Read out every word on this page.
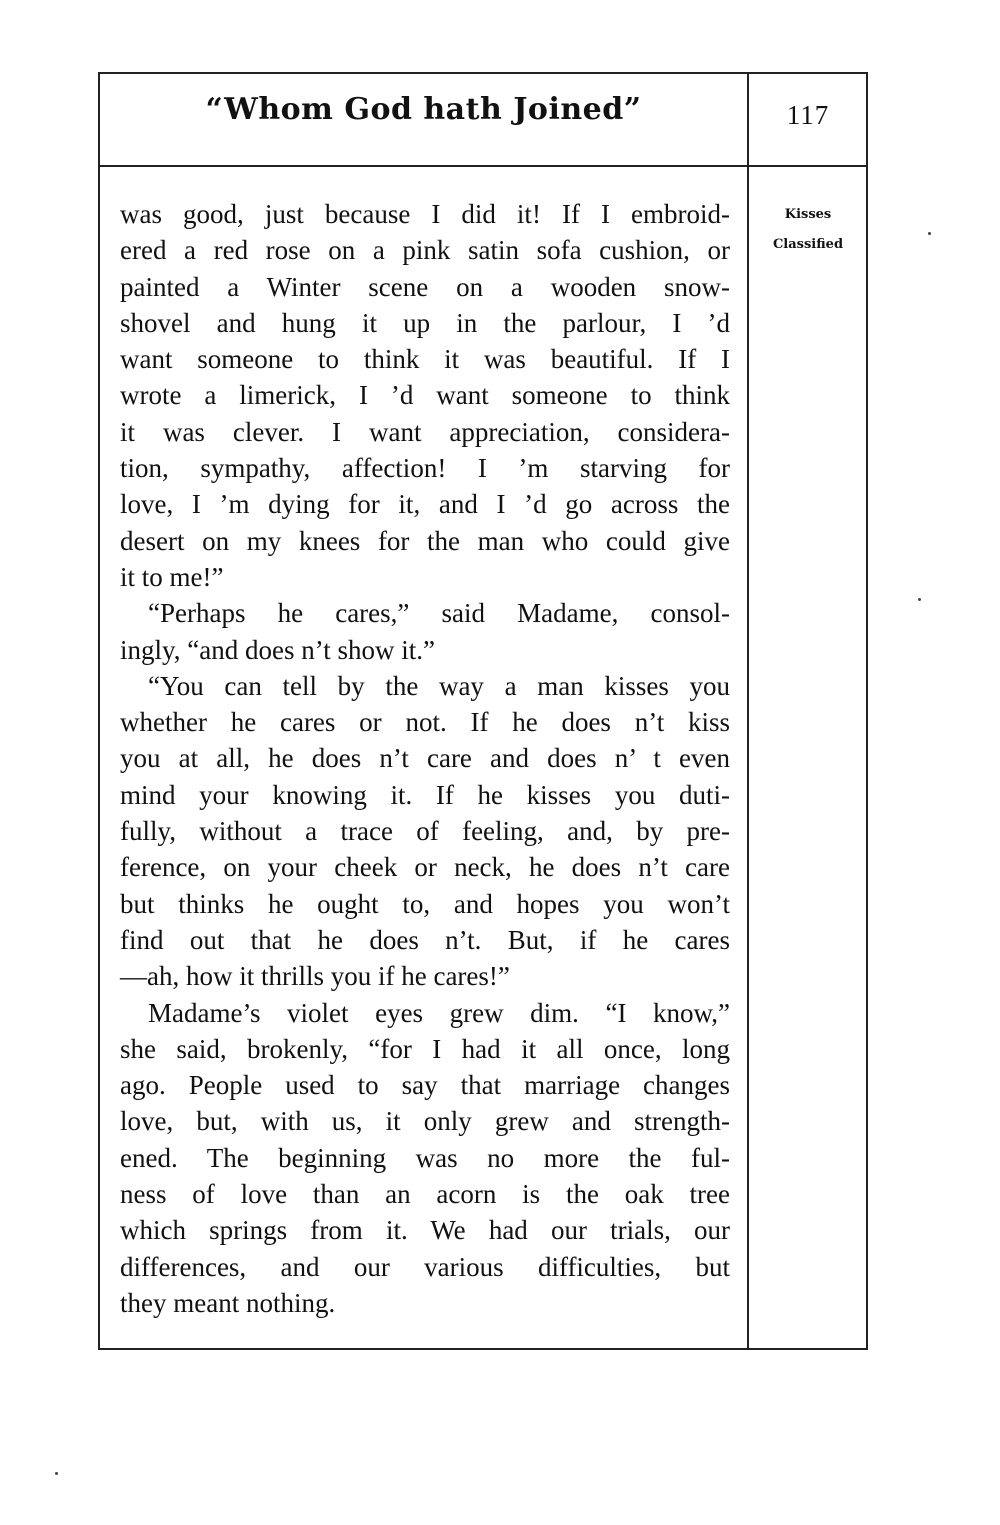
“Whom God hath Joined”	117
Kisses
Classified
was good, just because I did it! If I embroid-
ered a red rose on a pink satin sofa cushion, or
painted a Winter scene on a wooden snow-
shovel and hung it up in the parlour, I ’d
want someone to think it was beautiful. If I
wrote a limerick, I ’d want someone to think
it was clever. I want appreciation, considera-
tion, sympathy, affection! I ’m starving for
love, I ’m dying for it, and I ’d go across the
desert on my knees for the man who could give
it to me!”
“Perhaps he cares,” said Madame, consol-
ingly, “and does n’t show it.”
“You can tell by the way a man kisses you
whether he cares or not. If he does n’t kiss
you at all, he does n’t care and does n’ t even
mind your knowing it. If he kisses you duti-
fully, without a trace of feeling, and, by pre-
ference, on your cheek or neck, he does n’t care
but thinks he ought to, and hopes you won’t
find out that he does n’t. But, if he cares
—ah, how it thrills you if he cares!”
Madame’s violet eyes grew dim. “I know,”
she said, brokenly, “for I had it all once, long
ago. People used to say that marriage changes
love, but, with us, it only grew and strength-
ened. The beginning was no more the ful-
ness of love than an acorn is the oak tree
which springs from it. We had our trials, our
differences, and our various difficulties, but
they meant nothing.
